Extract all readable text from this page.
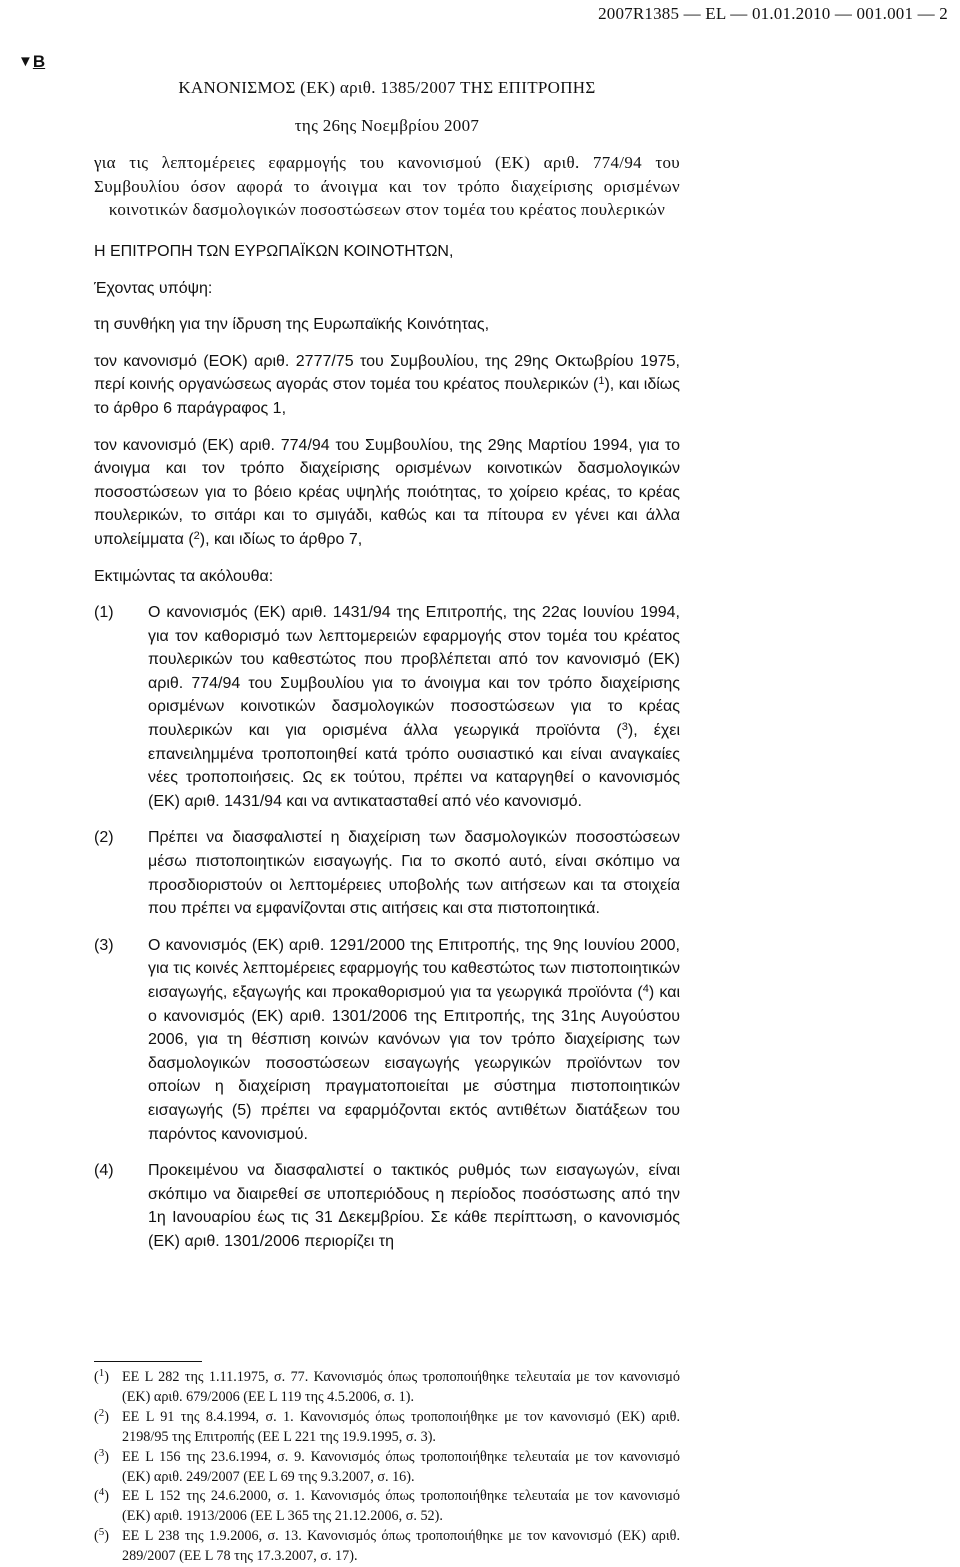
2007R1385 — EL — 01.01.2010 — 001.001 — 2
▼B

ΚΑΝΟΝΙΣΜΟΣ (ΕΚ) αριθ. 1385/2007 ΤΗΣ ΕΠΙΤΡΟΠΗΣ

της 26ης Νοεμβρίου 2007

για τις λεπτομέρειες εφαρμογής του κανονισμού (ΕΚ) αριθ. 774/94 του Συμβουλίου όσον αφορά το άνοιγμα και τον τρόπο διαχείρισης ορισμένων κοινοτικών δασμολογικών ποσοστώσεων στον τομέα του κρέατος πουλερικών

Η ΕΠΙΤΡΟΠΗ ΤΩΝ ΕΥΡΩΠΑΪΚΩΝ ΚΟΙΝΟΤΗΤΩΝ,

Έχοντας υπόψη:

τη συνθήκη για την ίδρυση της Ευρωπαϊκής Κοινότητας,

τον κανονισμό (ΕΟΚ) αριθ. 2777/75 του Συμβουλίου, της 29ης Οκτωβρίου 1975, περί κοινής οργανώσεως αγοράς στον τομέα του κρέατος πουλερικών ($^1$), και ιδίως το άρθρο 6 παράγραφος 1,

τον κανονισμό (ΕΚ) αριθ. 774/94 του Συμβουλίου, της 29ης Μαρτίου 1994, για το άνοιγμα και τον τρόπο διαχείρισης ορισμένων κοινοτικών δασμολογικών ποσοστώσεων για το βόειο κρέας υψηλής ποιότητας, το χοίρειο κρέας, το κρέας πουλερικών, το σιτάρι και το σμιγάδι, καθώς και τα πίτουρα εν γένει και άλλα υπολείμματα ($^2$), και ιδίως το άρθρο 7,

Εκτιμώντας τα ακόλουθα:

(1)	Ο κανονισμός (ΕΚ) αριθ. 1431/94 της Επιτροπής, της 22ας Ιουνίου 1994, για τον καθορισμό των λεπτομερειών εφαρμογής στον τομέα του κρέατος πουλερικών του καθεστώτος που προβλέπεται από τον κανονισμό (ΕΚ) αριθ. 774/94 του Συμβουλίου για το άνοιγμα και τον τρόπο διαχείρισης ορισμένων κοινοτικών δασμολογικών ποσοστώσεων για το κρέας πουλερικών και για ορισμένα άλλα γεωργικά προϊόντα ($^3$), έχει επανειλημμένα τροποποιηθεί κατά τρόπο ουσιαστικό και είναι αναγκαίες νέες τροποποιήσεις. Ως εκ τούτου, πρέπει να καταργηθεί ο κανονισμός (ΕΚ) αριθ. 1431/94 και να αντικατασταθεί από νέο κανονισμό.
(2)	Πρέπει να διασφαλιστεί η διαχείριση των δασμολογικών ποσοστώσεων μέσω πιστοποιητικών εισαγωγής. Για το σκοπό αυτό, είναι σκόπιμο να προσδιοριστούν οι λεπτομέρειες υποβολής των αιτήσεων και τα στοιχεία που πρέπει να εμφανίζονται στις αιτήσεις και στα πιστοποιητικά.
(3)	Ο κανονισμός (ΕΚ) αριθ. 1291/2000 της Επιτροπής, της 9ης Ιουνίου 2000, για τις κοινές λεπτομέρειες εφαρμογής του καθεστώτος των πιστοποιητικών εισαγωγής, εξαγωγής και προκαθορισμού για τα γεωργικά προϊόντα ($^4$) και ο κανονισμός (ΕΚ) αριθ. 1301/2006 της Επιτροπής, της 31ης Αυγούστου 2006, για τη θέσπιση κοινών κανόνων για τον τρόπο διαχείρισης των δασμολογικών ποσοστώσεων εισαγωγής γεωργικών προϊόντων τον οποίων η διαχείριση πραγματοποιείται με σύστημα πιστοποιητικών εισαγωγής (5) πρέπει να εφαρμόζονται εκτός αντιθέτων διατάξεων του παρόντος κανονισμού.
(4)	Προκειμένου να διασφαλιστεί ο τακτικός ρυθμός των εισαγωγών, είναι σκόπιμο να διαιρεθεί σε υποπεριόδους η περίοδος ποσόστωσης από την 1η Ιανουαρίου έως τις 31 Δεκεμβρίου. Σε κάθε περίπτωση, ο κανονισμός (ΕΚ) αριθ. 1301/2006 περιορίζει τη
($^1$) ΕΕ L 282 της 1.11.1975, σ. 77. Κανονισμός όπως τροποποιήθηκε τελευταία με τον κανονισμό (ΕΚ) αριθ. 679/2006 (ΕΕ L 119 της 4.5.2006, σ. 1).
($^2$) ΕΕ L 91 της 8.4.1994, σ. 1. Κανονισμός όπως τροποποιήθηκε με τον κανονισμό (ΕΚ) αριθ. 2198/95 της Επιτροπής (ΕΕ L 221 της 19.9.1995, σ. 3).
($^3$) ΕΕ L 156 της 23.6.1994, σ. 9. Κανονισμός όπως τροποποιήθηκε τελευταία με τον κανονισμό (ΕΚ) αριθ. 249/2007 (ΕΕ L 69 της 9.3.2007, σ. 16).
($^4$) ΕΕ L 152 της 24.6.2000, σ. 1. Κανονισμός όπως τροποποιήθηκε τελευταία με τον κανονισμό (ΕΚ) αριθ. 1913/2006 (ΕΕ L 365 της 21.12.2006, σ. 52).
($^5$) ΕΕ L 238 της 1.9.2006, σ. 13. Κανονισμός όπως τροποποιήθηκε με τον κανονισμό (ΕΚ) αριθ. 289/2007 (ΕΕ L 78 της 17.3.2007, σ. 17).
